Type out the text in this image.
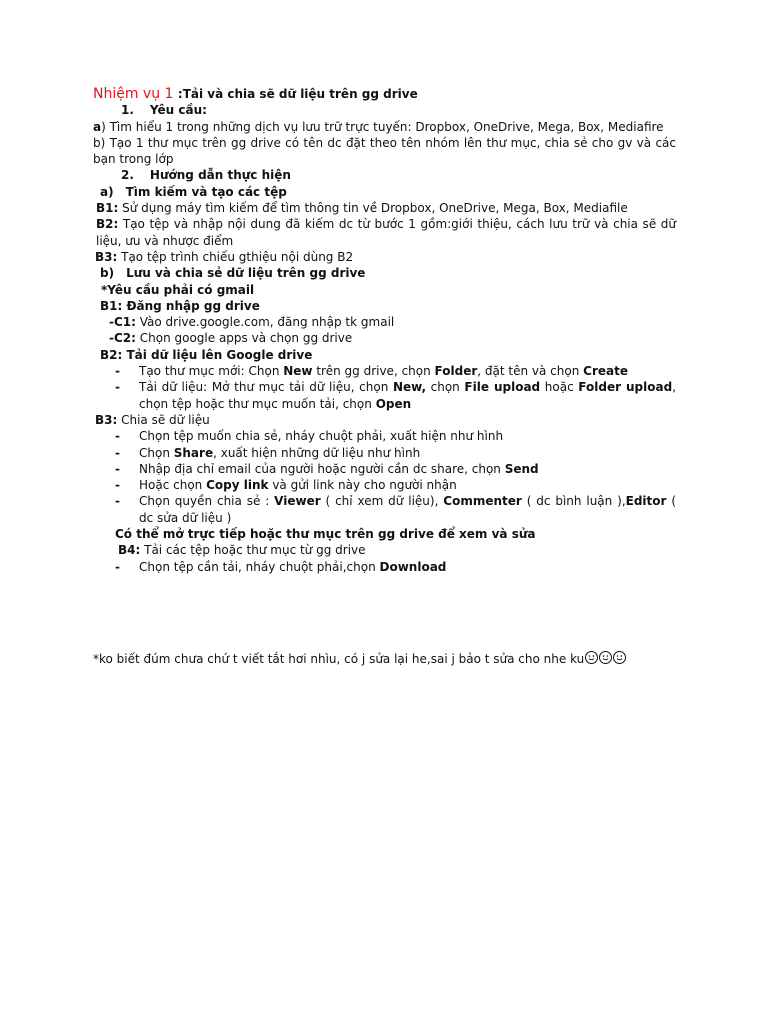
Nhiệm vụ 1 :Tải và chia sẽ dữ liệu trên gg drive
1. Yêu cầu:
a) Tìm hiểu 1 trong những dịch vụ lưu trữ trực tuyến: Dropbox, OneDrive, Mega, Box, Mediafire
b) Tạo 1 thư mục trên gg drive có tên dc đặt theo tên nhóm lên thư mục, chia sẻ cho gv và các bạn trong lớp
2. Hướng dẫn thực hiện
a) Tìm kiếm và tạo các tệp
B1: Sử dụng máy tìm kiếm để tìm thông tin về Dropbox, OneDrive, Mega, Box, Mediafile
B2: Tạo tệp và nhập nội dung đã kiếm dc từ bước 1 gồm:giới thiệu, cách lưu trữ và chia sẽ dữ liệu, ưu và nhược điểm
B3: Tạo tệp trình chiếu gthiệu nội dùng B2
b) Lưu và chia sẻ dữ liệu trên gg drive
*Yêu cầu phải có gmail
B1: Đăng nhập gg drive
-C1: Vào drive.google.com, đăng nhập tk gmail
-C2: Chọn google apps và chọn gg drive
B2: Tải dữ liệu lên Google drive
- Tạo thư mục mới: Chọn New trên gg drive, chọn Folder, đặt tên và chọn Create
- Tải dữ liệu: Mở thư mục tải dữ liệu, chọn New, chọn File upload hoặc Folder upload, chọn tệp hoặc thư mục muốn tải, chọn Open
B3: Chia sẽ dữ liệu
- Chọn tệp muốn chia sẻ, nháy chuột phải, xuất hiện như hình
- Chọn Share, xuất hiện những dữ liệu như hình
- Nhập địa chỉ email của người hoặc người cần dc share, chọn Send
- Hoặc chọn Copy link và gửi link này cho người nhận
- Chọn quyền chia sẻ : Viewer ( chỉ xem dữ liệu), Commenter ( dc bình luận ),Editor ( dc sửa dữ liệu )
Có thể mở trực tiếp hoặc thư mục trên gg drive để xem và sửa
B4: Tải các tệp hoặc thư mục từ gg drive
- Chọn tệp cần tải, nháy chuột phải,chọn Download
*ko biết đúm chưa chứ t viết tắt hơi nhìu, có j sửa lại he,sai j bảo t sửa cho nhe ku
